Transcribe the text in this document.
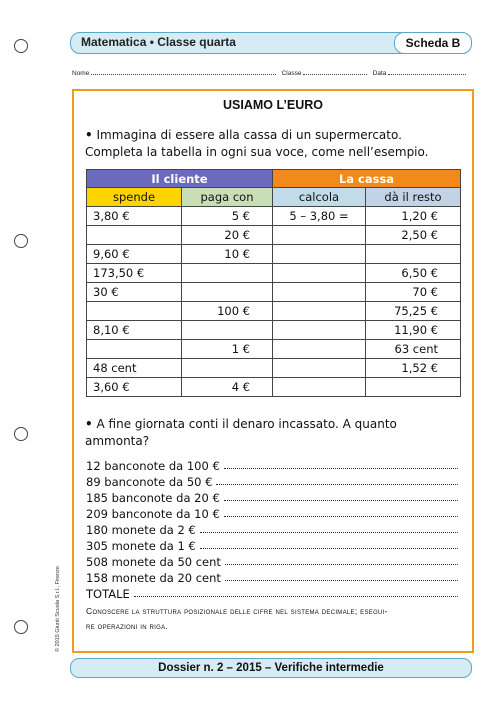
Matematica • Classe quarta	Scheda B
Nome	Classe	Data
USIAMO L’EURO
• Immagina di essere alla cassa di un supermercato.
Completa la tabella in ogni sua voce, come nell’esempio.
Il cliente		La cassa	
spende	paga con	calcola	dà il resto
3,80 €	5 €	5 – 3,80 =	1,20 €
	20 €		2,50 €
9,60 €	10 €		
173,50 €			6,50 €
30 €			70 €
	100 €		75,25 €
8,10 €			11,90 €
	1 €		63 cent
48 cent			1,52 €
3,60 €	4 €		
• A fine giornata conti il denaro incassato. A quanto
ammonta?
12 banconote da 100 €
89 banconote da 50 €
185 banconote da 20 €
209 banconote da 10 €
180 monete da 2 €
305 monete da 1 €
508 monete da 50 cent
158 monete da 20 cent
TOTALE
Conoscere la struttura posizionale delle cifre nel sistema decimale; esegui-
re operazioni in riga.
© 2015 Giunti Scuola S.r.l., Firenze
Dossier n. 2 – 2015 – Verifiche intermedie
